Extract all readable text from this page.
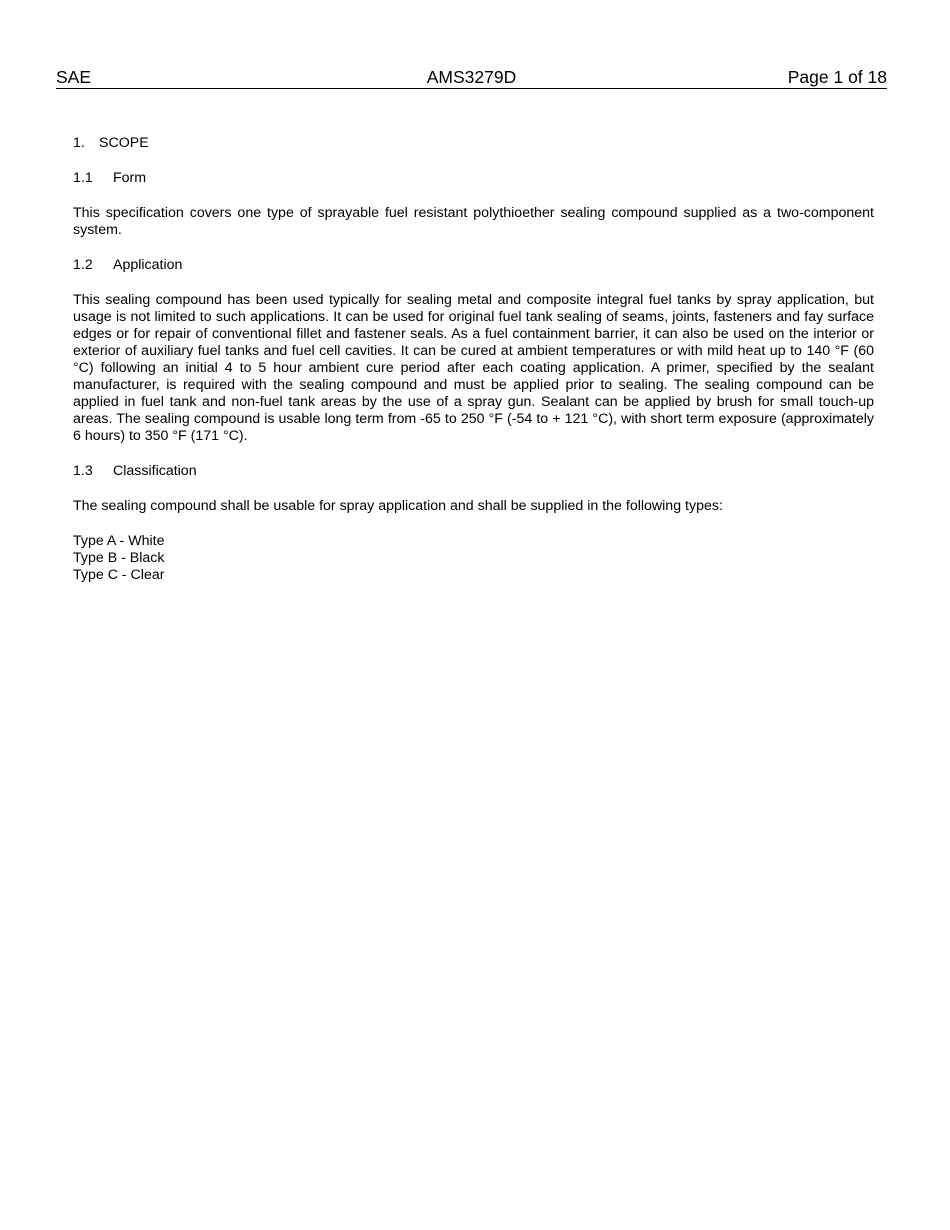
SAE	AMS3279D	Page 1 of 18
1. SCOPE
1.1 Form

This specification covers one type of sprayable fuel resistant polythioether sealing compound supplied as a two-component system.

1.2 Application

This sealing compound has been used typically for sealing metal and composite integral fuel tanks by spray application, but usage is not limited to such applications. It can be used for original fuel tank sealing of seams, joints, fasteners and fay surface edges or for repair of conventional fillet and fastener seals. As a fuel containment barrier, it can also be used on the interior or exterior of auxiliary fuel tanks and fuel cell cavities. It can be cured at ambient temperatures or with mild heat up to 140 °F (60 °C) following an initial 4 to 5 hour ambient cure period after each coating application. A primer, specified by the sealant manufacturer, is required with the sealing compound and must be applied prior to sealing. The sealing compound can be applied in fuel tank and non-fuel tank areas by the use of a spray gun. Sealant can be applied by brush for small touch-up areas. The sealing compound is usable long term from -65 to 250 °F (-54 to + 121 °C), with short term exposure (approximately 6 hours) to 350 °F (171 °C).

1.3 Classification

The sealing compound shall be usable for spray application and shall be supplied in the following types:

Type A - White
Type B - Black
Type C - Clear
